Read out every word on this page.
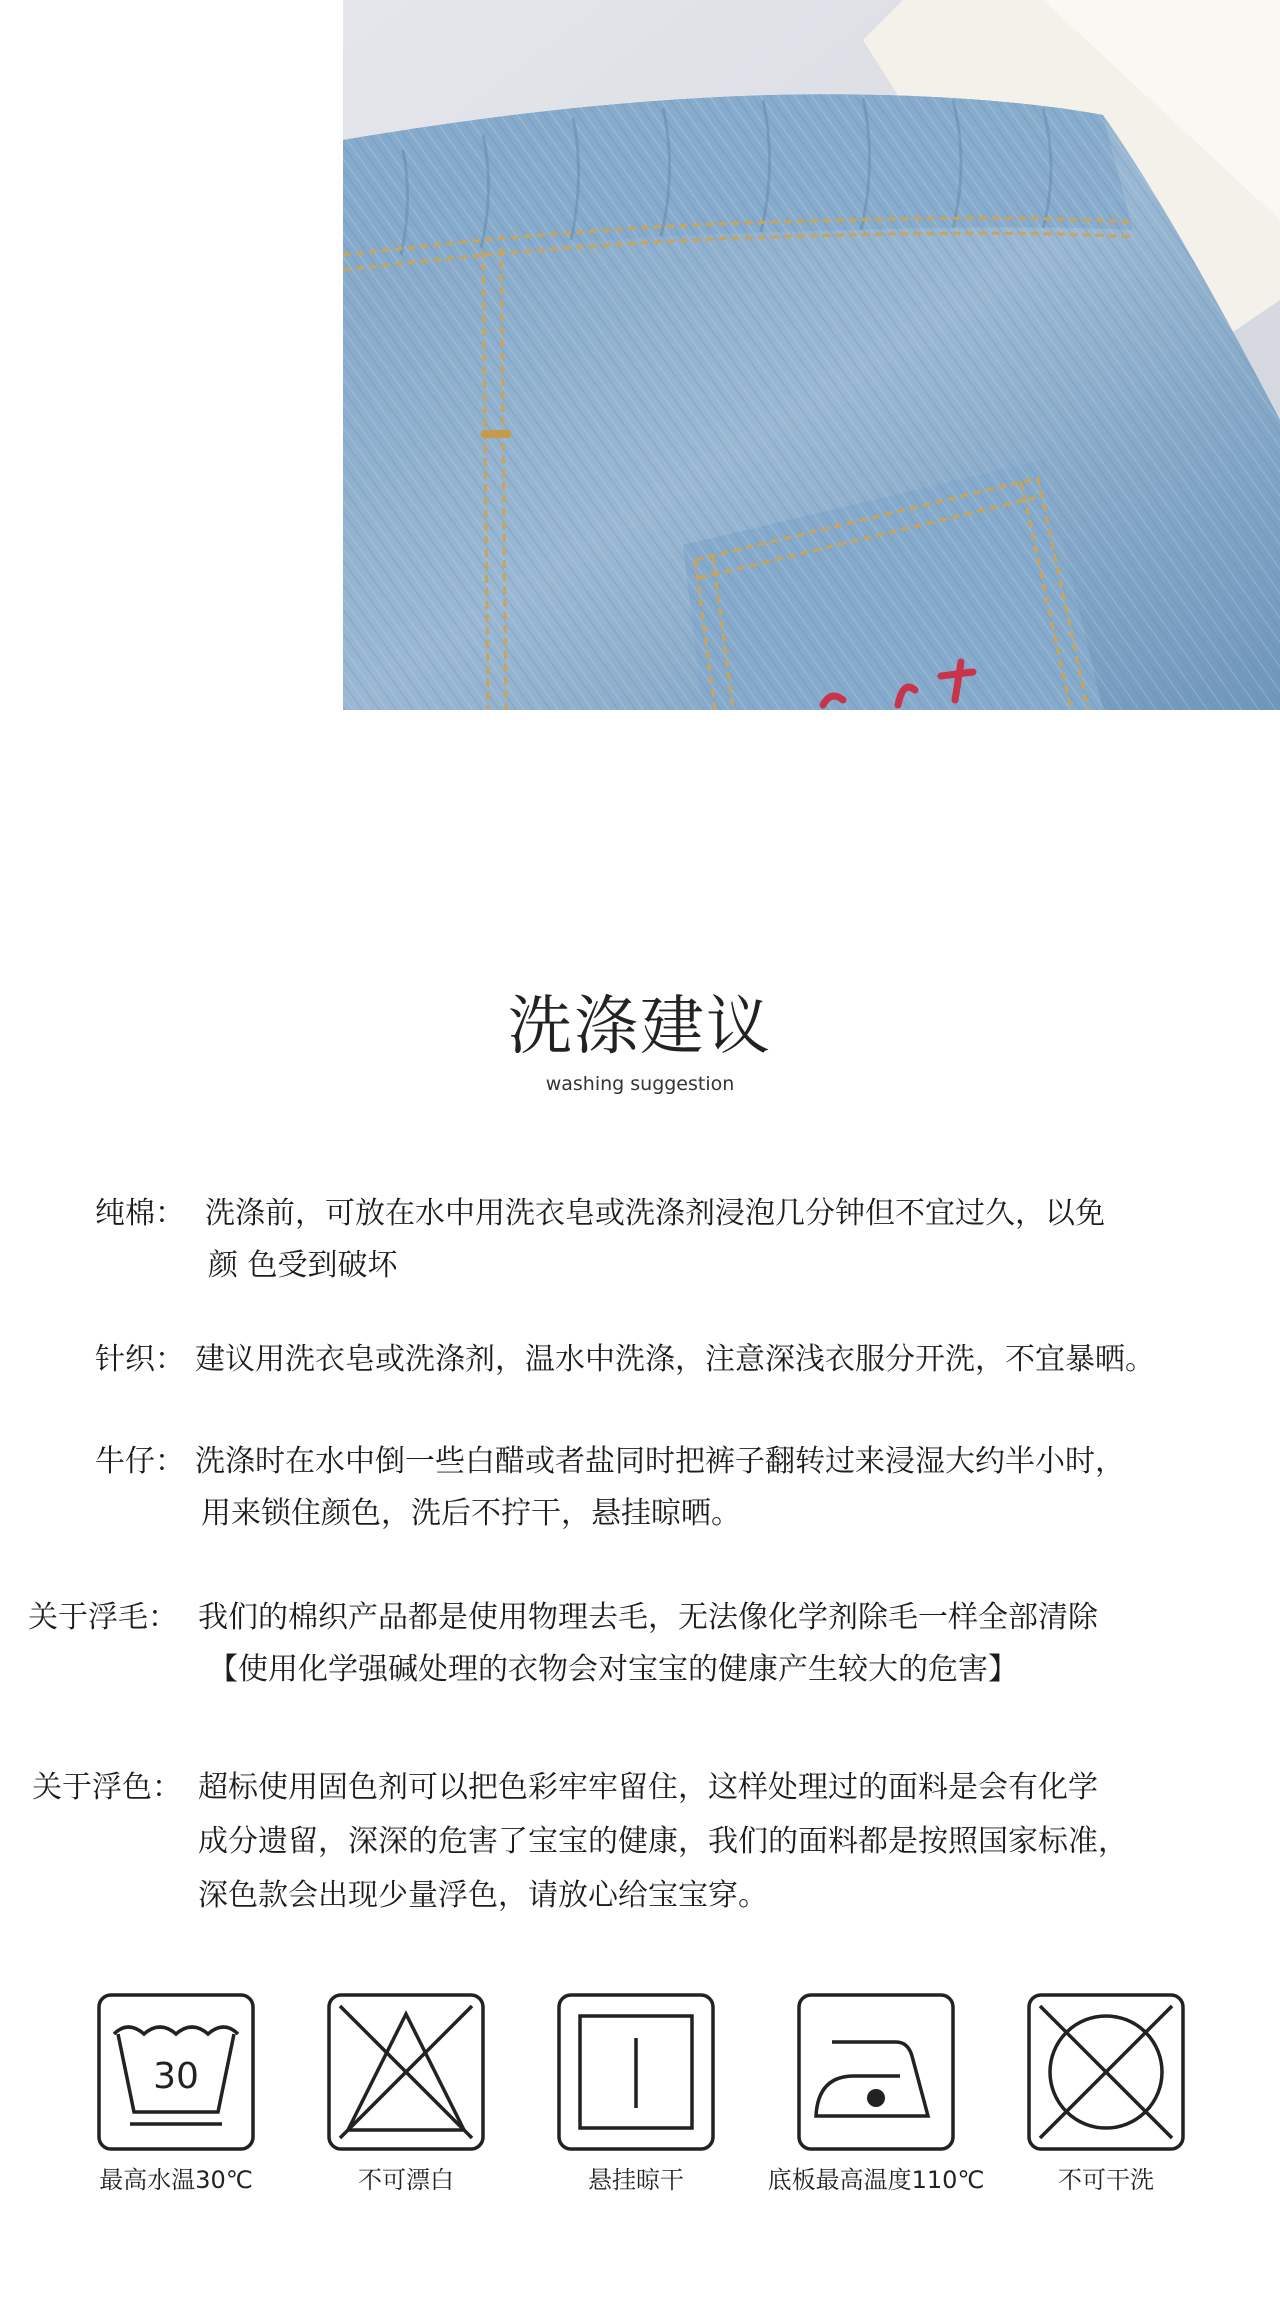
洗涤建议
washing suggestion
纯棉： 洗涤前，可放在水中用洗衣皂或洗涤剂浸泡几分钟但不宜过久，以免
颜 色受到破坏
针织： 建议用洗衣皂或洗涤剂，温水中洗涤，注意深浅衣服分开洗，不宜暴晒。
牛仔： 洗涤时在水中倒一些白醋或者盐同时把裤子翻转过来浸湿大约半小时，
用来锁住颜色，洗后不拧干，悬挂晾晒。
关于浮毛： 我们的棉织产品都是使用物理去毛，无法像化学剂除毛一样全部清除
【使用化学强碱处理的衣物会对宝宝的健康产生较大的危害】
关于浮色： 超标使用固色剂可以把色彩牢牢留住，这样处理过的面料是会有化学
成分遗留，深深的危害了宝宝的健康，我们的面料都是按照国家标准，
深色款会出现少量浮色，请放心给宝宝穿。
30
最高水温30℃	不可漂白	悬挂晾干	底板最高温度110℃	不可干洗
